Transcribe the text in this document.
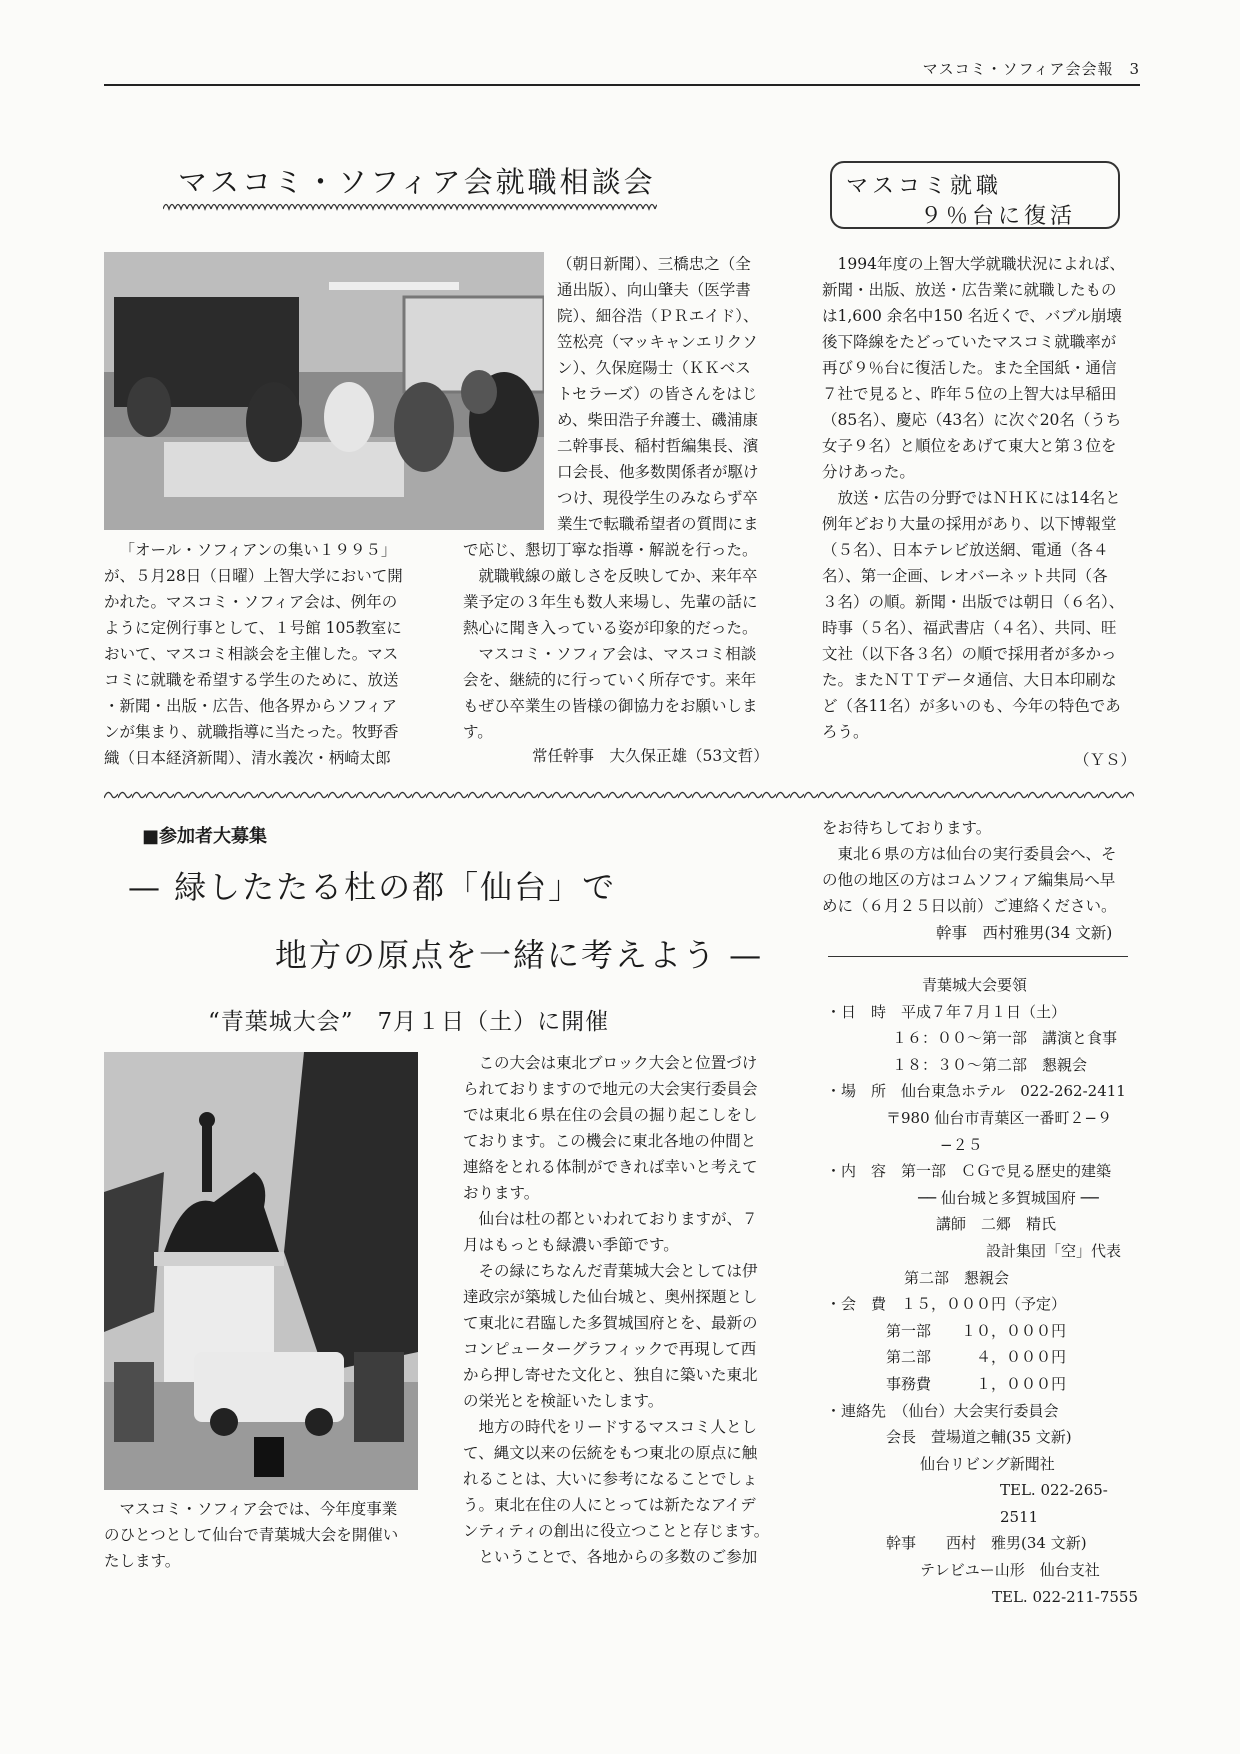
マスコミ・ソフィア会会報　3
マスコミ・ソフィア会就職相談会

（朝日新聞）、三橋忠之（全

通出版）、向山肇夫（医学書

院）、細谷浩（ＰＲエイド）、

笠松亮（マッキャンエリクソ

ン）、久保庭陽士（ＫＫベス

トセラーズ）の皆さんをはじ

め、柴田浩子弁護士、磯浦康

二幹事長、稲村哲編集長、濱

口会長、他多数関係者が駆け

つけ、現役学生のみならず卒

業生で転職希望者の質問にま

「オール・ソフィアンの集い１９９５」

が、５月28日（日曜）上智大学において開

かれた。マスコミ・ソフィア会は、例年の

ように定例行事として、１号館 105教室に

おいて、マスコミ相談会を主催した。マス

コミに就職を希望する学生のために、放送

・新聞・出版・広告、他各界からソフィア

ンが集まり、就職指導に当たった。牧野香

織（日本経済新聞）、清水義次・柄崎太郎

で応じ、懇切丁寧な指導・解説を行った。

就職戦線の厳しさを反映してか、来年卒

業予定の３年生も数人来場し、先輩の話に

熱心に聞き入っている姿が印象的だった。

マスコミ・ソフィア会は、マスコミ相談

会を、継続的に行っていく所存です。来年

もぜひ卒業生の皆様の御協力をお願いしま

す。

常任幹事　大久保正雄（53文哲）
マスコミ就職
９％台に復活

1994年度の上智大学就職状況によれば、

新聞・出版、放送・広告業に就職したもの

は1,600 余名中150 名近くで、バブル崩壊

後下降線をたどっていたマスコミ就職率が

再び９％台に復活した。また全国紙・通信

７社で見ると、昨年５位の上智大は早稲田

（85名）、慶応（43名）に次ぐ20名（うち

女子９名）と順位をあげて東大と第３位を

分けあった。

放送・広告の分野ではＮＨＫには14名と

例年どおり大量の採用があり、以下博報堂

（５名）、日本テレビ放送網、電通（各４

名）、第一企画、レオバーネット共同（各

３名）の順。新聞・出版では朝日（６名）、

時事（５名）、福武書店（４名）、共同、旺

文社（以下各３名）の順で採用者が多かっ

た。またＮＴＴデータ通信、大日本印刷な

ど（各11名）が多いのも、今年の特色であ

ろう。

（ＹＳ）
■参加者大募集
— 緑したたる杜の都「仙台」で
地方の原点を一緒に考えよう —
“青葉城大会”　7月１日（土）に開催

マスコミ・ソフィア会では、今年度事業

のひとつとして仙台で青葉城大会を開催い

たします。

この大会は東北ブロック大会と位置づけ

られておりますので地元の大会実行委員会

では東北６県在住の会員の掘り起こしをし

ております。この機会に東北各地の仲間と

連絡をとれる体制ができれば幸いと考えて

おります。

仙台は杜の都といわれておりますが、７

月はもっとも緑濃い季節です。

その緑にちなんだ青葉城大会としては伊

達政宗が築城した仙台城と、奥州探題とし

て東北に君臨した多賀城国府とを、最新の

コンピューターグラフィックで再現して西

から押し寄せた文化と、独自に築いた東北

の栄光とを検証いたします。

地方の時代をリードするマスコミ人とし

て、縄文以来の伝統をもつ東北の原点に触

れることは、大いに参考になることでしょ

う。東北在住の人にとっては新たなアイデ

ンティティの創出に役立つことと存じます。

ということで、各地からの多数のご参加

をお待ちしております。

東北６県の方は仙台の実行委員会へ、そ

の他の地区の方はコムソフィア編集局へ早

めに（６月２５日以前）ご連絡ください。

幹事　西村雅男(34 文新)
青葉城大会要領
・日　時　平成７年７月１日（土）
１６：００〜第一部　講演と食事
１８：３０〜第二部　懇親会
・場　所　仙台東急ホテル　022-262-2411
〒980 仙台市青葉区一番町２−９
−２５
・内　容　第一部　ＣＧで見る歴史的建築
── 仙台城と多賀城国府 ──
講師　二郷　精氏
設計集団「空」代表
第二部　懇親会
・会　費　１５，０００円（予定）
第一部　　１０，０００円
第二部　　　４，０００円
事務費　　　１，０００円
・連絡先　（仙台）大会実行委員会
会長　萱場道之輔(35 文新)
仙台リビング新聞社
TEL. 022-265-2511
幹事　　西村　雅男(34 文新)
テレビユー山形　仙台支社
TEL. 022-211-7555
